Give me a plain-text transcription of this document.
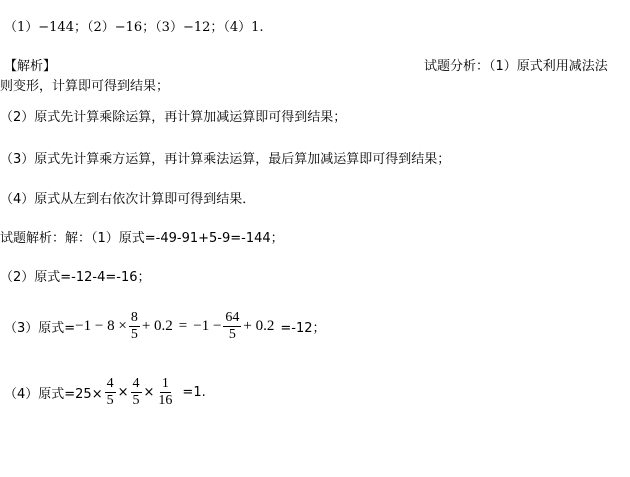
（1）−144；（2）−16；（3）−12；（4）1.
【解析】	试题分析：（1）原式利用减法法
则变形，计算即可得到结果；
（2）原式先计算乘除运算，再计算加减运算即可得到结果；
（3）原式先计算乘方运算，再计算乘法运算，最后算加减运算即可得到结果；
（4）原式从左到右依次计算即可得到结果．
试题解析：解：（1）原式=-49-91+5-9=-144；
（2）原式=-12-4=-16；
（3）原式= $-1 - 8 \times \frac{8}{5} + 0.2 = -1 - \frac{64}{5} + 0.2 =-12$；
（4）原式$=25\times \frac{4}{5} \times \frac{4}{5} \times \frac{1}{16} =1$.
